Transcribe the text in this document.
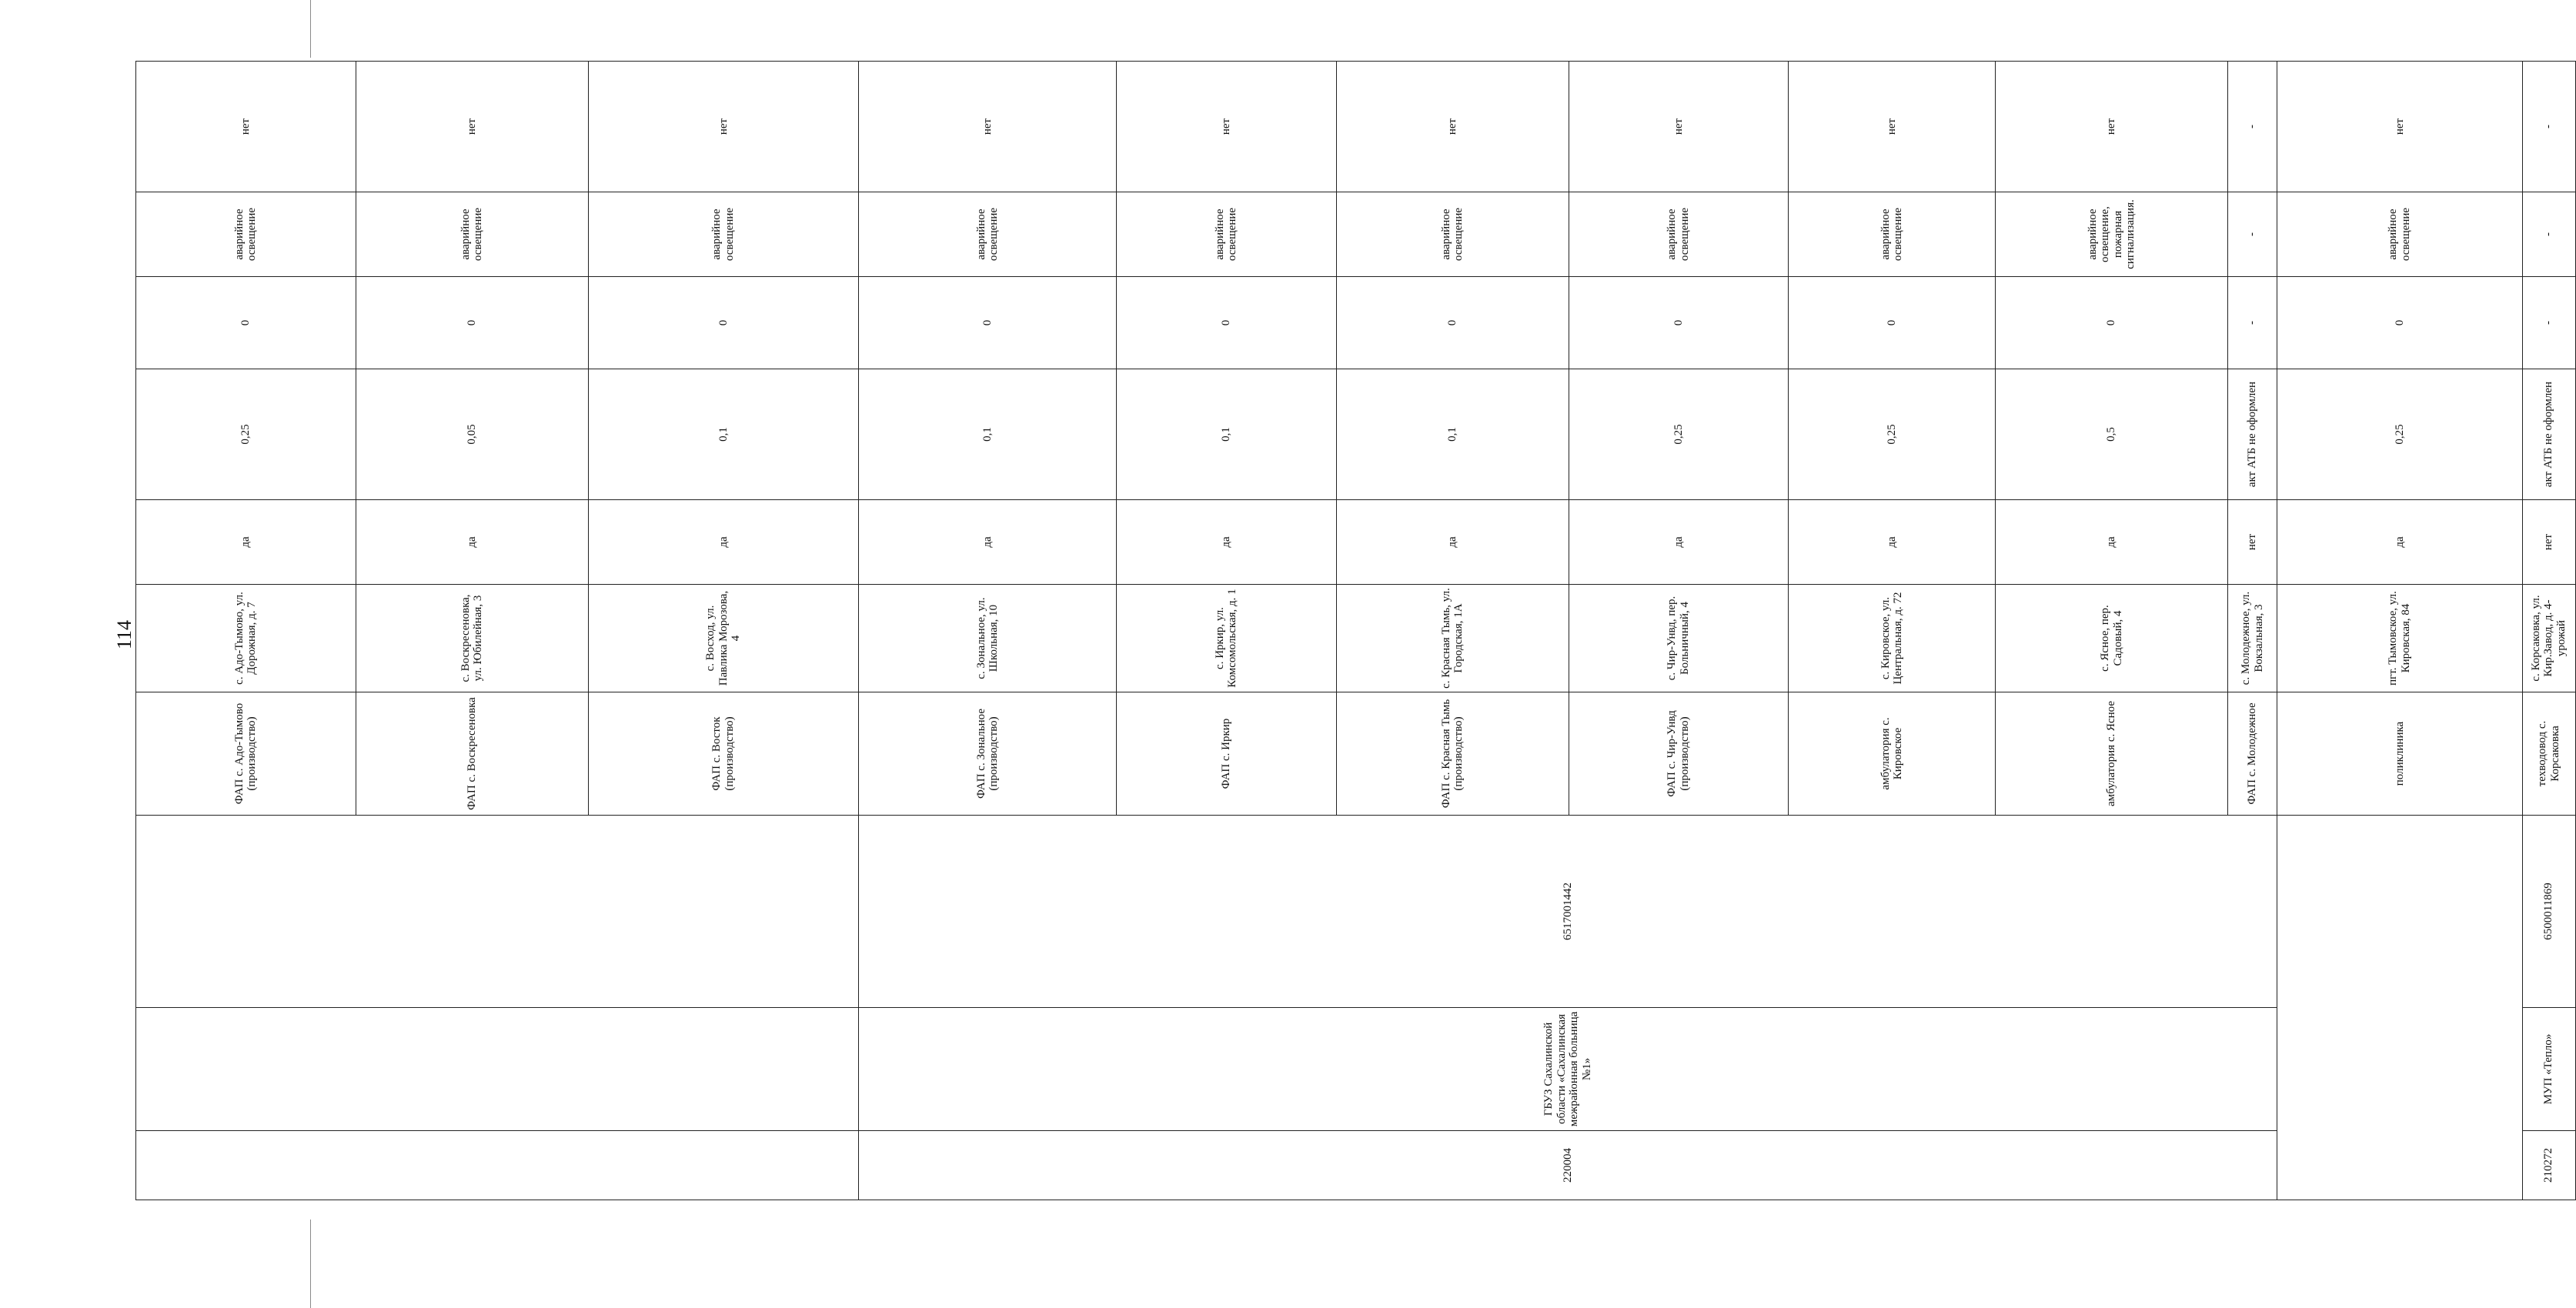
114
			ФАП с. Адо-Тымово (производство)	с. Адо-Тымово, ул. Дорожная, д. 7	да	0,25	0	аварийное освещение	нет	
			ФАП с. Воскресеновка	с. Воскресеновка, ул. Юбилейная, 3	да	0,05	0	аварийное освещение	нет	
			ФАП с. Восток (производство)	с. Восход, ул. Павлика Морозова, 4	да	0,1	0	аварийное освещение	нет	
220004	ГБУЗ Сахалинской области «Сахалинская межрайонная больница №1»	6517001442	ФАП с. Зональное (производство)	с. Зональное, ул. Школьная, 10	да	0,1	0	аварийное освещение	нет	
			ФАП с. Иркир	с. Иркир, ул. Комсомольская, д. 1	да	0,1	0	аварийное освещение	нет	
			ФАП с. Красная Тымь (производство)	с. Красная Тымь, ул. Городская, 1А	да	0,1	0	аварийное освещение	нет	
			ФАП с. Чир-Унвд (производство)	с. Чир-Унвд, пер. Больничный, 4	да	0,25	0	аварийное освещение	нет	
			амбулатория с. Кировское	с. Кировское, ул. Центральная, д. 72	да	0,25	0	аварийное освещение	нет	
			амбулатория с. Ясное	с. Ясное, пер. Садовый, 4	да	0,5	0	аварийное освещение, пожарная сигнализация.	нет	
			ФАП с. Молодежное	с. Молодежное, ул. Вокзальная, 3	нет	акт АТБ не оформлен	-	-	-	
			поликлиника	пгт. Тымовское, ул. Кировская, 84	да	0,25	0	аварийное освещение	нет	
210272	МУП «Тепло»	6500011869	техводовод с. Корсаковка	с. Корсаковка, ул. Кир.Завод, д. 4-урожай	нет	акт АТБ не оформлен	-	-	-	
